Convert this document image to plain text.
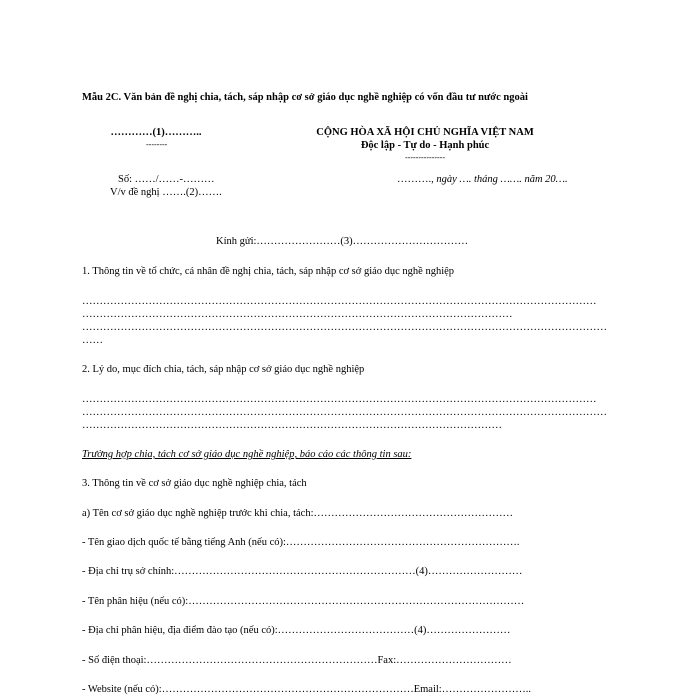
Mẫu 2C. Văn bản đề nghị chia, tách, sáp nhập cơ sở giáo dục nghề nghiệp có vốn đầu tư nước ngoài
…………(1)………..
--------
CỘNG HÒA XÃ HỘI CHỦ NGHĨA VIỆT NAM
Độc lập - Tự do - Hạnh phúc
---------------
Số: ……/……-………
V/v đề nghị …….(2)…….
………., ngày …. tháng ……. năm 20….
Kính gửi:……………………(3)……………………………
1. Thông tin về tổ chức, cá nhân đề nghị chia, tách, sáp nhập cơ sở giáo dục nghề nghiệp
…………………………………………………………………………………………………………………………………
……………………………………………………………………………………………………………
……………………………………………………………………………………………………………………………………
……
2. Lý do, mục đích chia, tách, sáp nhập cơ sở giáo dục nghề nghiệp
…………………………………………………………………………………………………………………………………
……………………………………………………………………………………………………………………………………
…………………………………………………………………………………………………………
Trường hợp chia, tách cơ sở giáo dục nghề nghiệp, báo cáo các thông tin sau:
3. Thông tin về cơ sở giáo dục nghề nghiệp chia, tách
a) Tên cơ sở giáo dục nghề nghiệp trước khi chia, tách:…………………………………………………
- Tên giao dịch quốc tế bằng tiếng Anh (nếu có):………………………………………………………….
- Địa chỉ trụ sở chính:……………………………………………………………(4)………………………
- Tên phân hiệu (nếu có):……………………………………………………………………………………
- Địa chỉ phân hiệu, địa điểm đào tạo (nếu có):…………………………………(4)……………………
- Số điện thoại:…………………………………………………………Fax:……………………………
- Website (nếu có):………………………………………………………………Email:……………………..
